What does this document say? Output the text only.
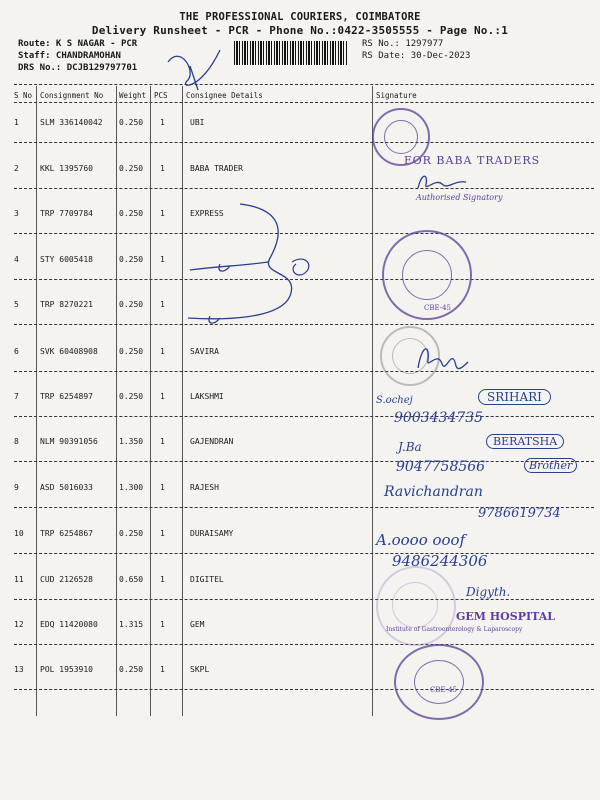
THE PROFESSIONAL COURIERS, COIMBATORE
Delivery Runsheet - PCR - Phone No.:0422-3505555 - Page No.:1
Route: K S NAGAR - PCR
Staff: CHANDRAMOHAN
DRS No.: DCJB129797701
RS No.: 1297977
RS Date: 30-Dec-2023
S No Consignment No Weight PCS Consignee Details	Signature
1	SLM 336140042 0.250 1	UBI
2	KKL 1395760	0.250 1	BABA TRADER
3	TRP 7709784	0.250 1	EXPRESS
4	STY 6005418	0.250 1
5	TRP 8270221	0.250 1
6	SVK 60408908	0.250 1	SAVIRA
7	TRP 6254897	0.250 1	LAKSHMI
8	NLM 90391056	1.350 1	GAJENDRAN
9	ASD 5016033	1.300 1	RAJESH
10 TRP 6254867	0.250 1	DURAISAMY
11 CUD 2126528	0.650 1	DIGITEL
12 EDQ 11420080	1.315 1	GEM
13 POL 1953910	0.250 1	SKPL
FOR BABA TRADERS
Authorised Signatory
CBE-45
S.ochej	SRIHARI
9003434735
J.Ba	BERATSHA
9047758566	Brother
Ravichandran
9786619734
A.oooo ooof
9486244306
Digyth.
GEM HOSPITAL
Institute of Gastroenterology & Laparoscopy
CBE-45
